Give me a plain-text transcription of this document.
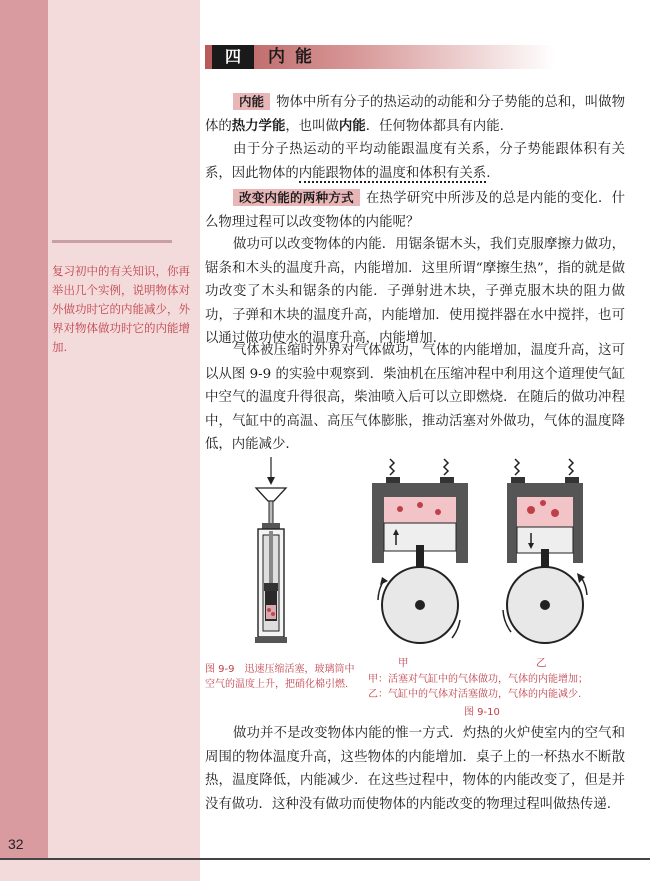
复习初中的有关知识，你再举出几个实例，说明物体对外做功时它的内能减少，外界对物体做功时它的内能增加.
四	内能
内能 物体中所有分子的热运动的动能和分子势能的总和，叫做物体的热力学能，也叫做内能．任何物体都具有内能.
由于分子热运动的平均动能跟温度有关系，分子势能跟体积有关系，因此物体的内能跟物体的温度和体积有关系.
改变内能的两种方式 在热学研究中所涉及的总是内能的变化．什么物理过程可以改变物体的内能呢？
做功可以改变物体的内能．用锯条锯木头，我们克服摩擦力做功，锯条和木头的温度升高，内能增加．这里所谓“摩擦生热”，指的就是做功改变了木头和锯条的内能．子弹射进木块，子弹克服木块的阻力做功，子弹和木块的温度升高，内能增加．使用搅拌器在水中搅拌，也可以通过做功使水的温度升高，内能增加.
气体被压缩时外界对气体做功，气体的内能增加，温度升高，这可以从图 9-9 的实验中观察到．柴油机在压缩冲程中利用这个道理使气缸中空气的温度升得很高，柴油喷入后可以立即燃烧．在随后的做功冲程中，气缸中的高温、高压气体膨胀，推动活塞对外做功，气体的温度降低，内能减少.
图 9-9　迅速压缩活塞，玻璃筒中空气的温度上升，把硝化棉引燃.
甲	乙
甲：活塞对气缸中的气体做功，气体的内能增加；
乙：气缸中的气体对活塞做功，气体的内能减少.
图 9-10
做功并不是改变物体内能的惟一方式．灼热的火炉使室内的空气和周围的物体温度升高，这些物体的内能增加．桌子上的一杯热水不断散热，温度降低，内能减少．在这些过程中，物体的内能改变了，但是并没有做功．这种没有做功而使物体的内能改变的物理过程叫做热传递.
32
